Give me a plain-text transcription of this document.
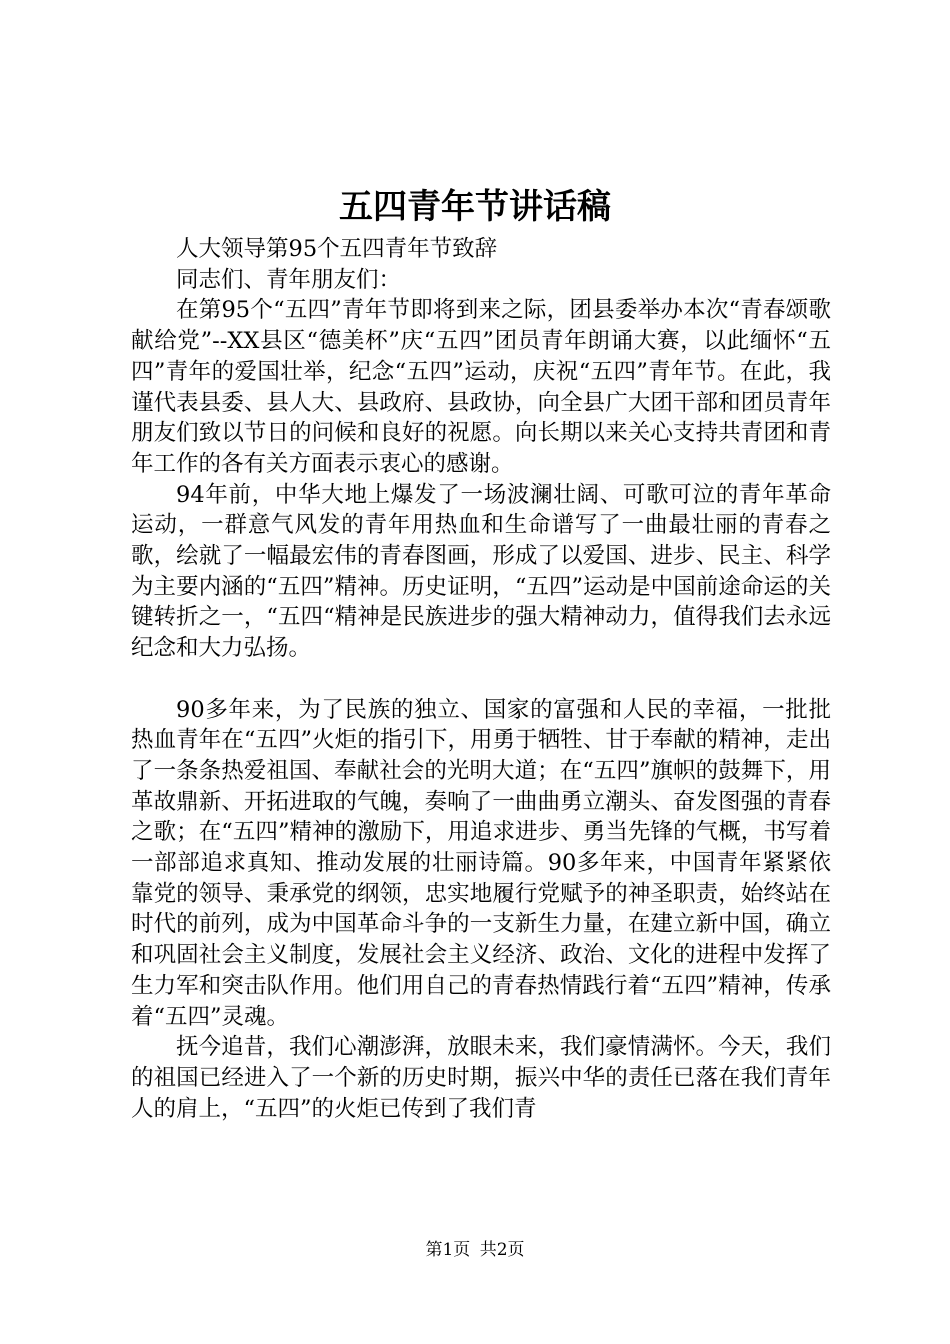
五四青年节讲话稿

人大领导第95个五四青年节致辞

同志们、青年朋友们：

在第95个“五四”青年节即将到来之际，团县委举办本次“青春颂歌献给党”--XX县区“德美杯”庆“五四”团员青年朗诵大赛，以此缅怀“五四”青年的爱国壮举，纪念“五四”运动，庆祝“五四”青年节。在此，我谨代表县委、县人大、县政府、县政协，向全县广大团干部和团员青年朋友们致以节日的问候和良好的祝愿。向长期以来关心支持共青团和青年工作的各有关方面表示衷心的感谢。

94年前，中华大地上爆发了一场波澜壮阔、可歌可泣的青年革命运动，一群意气风发的青年用热血和生命谱写了一曲最壮丽的青春之歌，绘就了一幅最宏伟的青春图画，形成了以爱国、进步、民主、科学为主要内涵的“五四”精神。历史证明，“五四”运动是中国前途命运的关键转折之一，“五四“精神是民族进步的强大精神动力，值得我们去永远纪念和大力弘扬。

90多年来，为了民族的独立、国家的富强和人民的幸福，一批批热血青年在“五四”火炬的指引下，用勇于牺牲、甘于奉献的精神，走出了一条条热爱祖国、奉献社会的光明大道；在“五四”旗帜的鼓舞下，用革故鼎新、开拓进取的气魄，奏响了一曲曲勇立潮头、奋发图强的青春之歌；在“五四”精神的激励下，用追求进步、勇当先锋的气概，书写着一部部追求真知、推动发展的壮丽诗篇。90多年来，中国青年紧紧依靠党的领导、秉承党的纲领，忠实地履行党赋予的神圣职责，始终站在时代的前列，成为中国革命斗争的一支新生力量，在建立新中国，确立和巩固社会主义制度，发展社会主义经济、政治、文化的进程中发挥了生力军和突击队作用。他们用自己的青春热情践行着“五四”精神，传承着“五四”灵魂。

抚今追昔，我们心潮澎湃，放眼未来，我们豪情满怀。今天，我们的祖国已经进入了一个新的历史时期，振兴中华的责任已落在我们青年人的肩上，“五四”的火炬已传到了我们青

第1页 共2页
